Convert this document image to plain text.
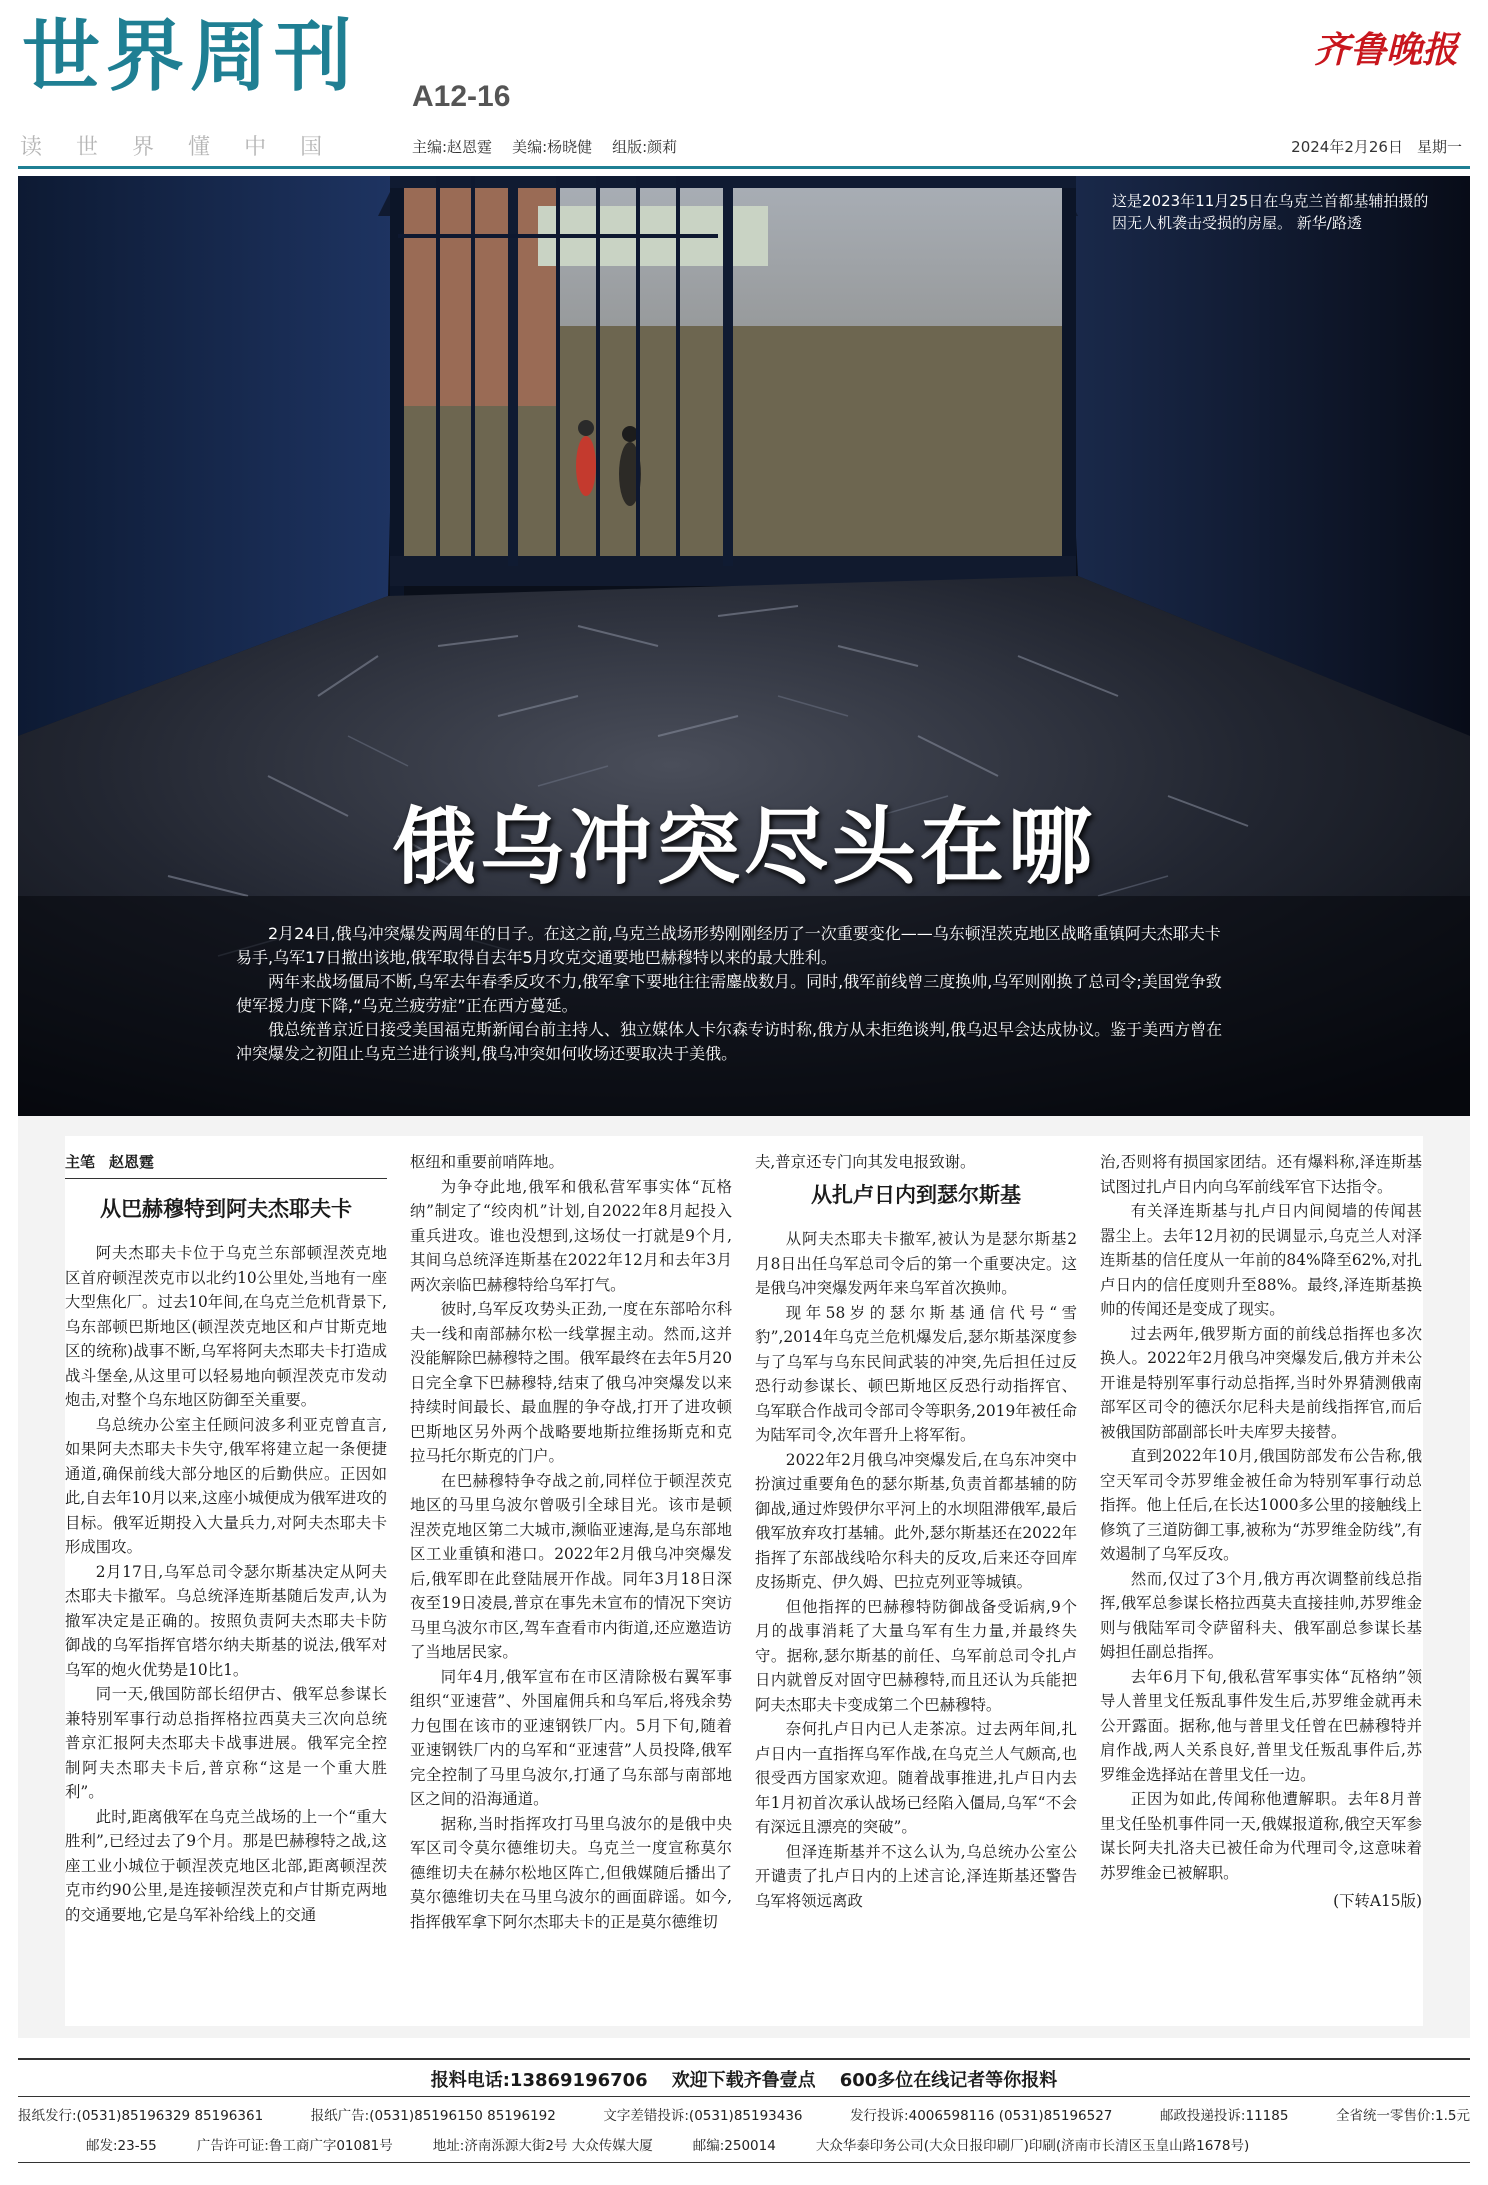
世界周刊
读 世 界 懂 中 国
A12-16
主编:赵恩霆 美编:杨晓健 组版:颜莉
齐鲁晚报
2024年2月26日 星期一
这是2023年11月25日在乌克兰首都基辅拍摄的因无人机袭击受损的房屋。 新华/路透
俄乌冲突尽头在哪

2月24日,俄乌冲突爆发两周年的日子。在这之前,乌克兰战场形势刚刚经历了一次重要变化——乌东顿涅茨克地区战略重镇阿夫杰耶夫卡易手,乌军17日撤出该地,俄军取得自去年5月攻克交通要地巴赫穆特以来的最大胜利。

两年来战场僵局不断,乌军去年春季反攻不力,俄军拿下要地往往需鏖战数月。同时,俄军前线曾三度换帅,乌军则刚换了总司令;美国党争致使军援力度下降,“乌克兰疲劳症”正在西方蔓延。

俄总统普京近日接受美国福克斯新闻台前主持人、独立媒体人卡尔森专访时称,俄方从未拒绝谈判,俄乌迟早会达成协议。鉴于美西方曾在冲突爆发之初阻止乌克兰进行谈判,俄乌冲突如何收场还要取决于美俄。

主笔 赵恩霆
从巴赫穆特到阿夫杰耶夫卡

阿夫杰耶夫卡位于乌克兰东部顿涅茨克地区首府顿涅茨克市以北约10公里处,当地有一座大型焦化厂。过去10年间,在乌克兰危机背景下,乌东部顿巴斯地区(顿涅茨克地区和卢甘斯克地区的统称)战事不断,乌军将阿夫杰耶夫卡打造成战斗堡垒,从这里可以轻易地向顿涅茨克市发动炮击,对整个乌东地区防御至关重要。

乌总统办公室主任顾问波多利亚克曾直言,如果阿夫杰耶夫卡失守,俄军将建立起一条便捷通道,确保前线大部分地区的后勤供应。正因如此,自去年10月以来,这座小城便成为俄军进攻的目标。俄军近期投入大量兵力,对阿夫杰耶夫卡形成围攻。

2月17日,乌军总司令瑟尔斯基决定从阿夫杰耶夫卡撤军。乌总统泽连斯基随后发声,认为撤军决定是正确的。按照负责阿夫杰耶夫卡防御战的乌军指挥官塔尔纳夫斯基的说法,俄军对乌军的炮火优势是10比1。

同一天,俄国防部长绍伊古、俄军总参谋长兼特别军事行动总指挥格拉西莫夫三次向总统普京汇报阿夫杰耶夫卡战事进展。俄军完全控制阿夫杰耶夫卡后,普京称“这是一个重大胜利”。

此时,距离俄军在乌克兰战场的上一个“重大胜利”,已经过去了9个月。那是巴赫穆特之战,这座工业小城位于顿涅茨克地区北部,距离顿涅茨克市约90公里,是连接顿涅茨克和卢甘斯克两地的交通要地,它是乌军补给线上的交通

枢纽和重要前哨阵地。

为争夺此地,俄军和俄私营军事实体“瓦格纳”制定了“绞肉机”计划,自2022年8月起投入重兵进攻。谁也没想到,这场仗一打就是9个月,其间乌总统泽连斯基在2022年12月和去年3月两次亲临巴赫穆特给乌军打气。

彼时,乌军反攻势头正劲,一度在东部哈尔科夫一线和南部赫尔松一线掌握主动。然而,这并没能解除巴赫穆特之围。俄军最终在去年5月20日完全拿下巴赫穆特,结束了俄乌冲突爆发以来持续时间最长、最血腥的争夺战,打开了进攻顿巴斯地区另外两个战略要地斯拉维扬斯克和克拉马托尔斯克的门户。

在巴赫穆特争夺战之前,同样位于顿涅茨克地区的马里乌波尔曾吸引全球目光。该市是顿涅茨克地区第二大城市,濒临亚速海,是乌东部地区工业重镇和港口。2022年2月俄乌冲突爆发后,俄军即在此登陆展开作战。同年3月18日深夜至19日凌晨,普京在事先未宣布的情况下突访马里乌波尔市区,驾车查看市内街道,还应邀造访了当地居民家。

同年4月,俄军宣布在市区清除极右翼军事组织“亚速营”、外国雇佣兵和乌军后,将残余势力包围在该市的亚速钢铁厂内。5月下旬,随着亚速钢铁厂内的乌军和“亚速营”人员投降,俄军完全控制了马里乌波尔,打通了乌东部与南部地区之间的沿海通道。

据称,当时指挥攻打马里乌波尔的是俄中央军区司令莫尔德维切夫。乌克兰一度宣称莫尔德维切夫在赫尔松地区阵亡,但俄媒随后播出了莫尔德维切夫在马里乌波尔的画面辟谣。如今,指挥俄军拿下阿尔杰耶夫卡的正是莫尔德维切

夫,普京还专门向其发电报致谢。

从扎卢日内到瑟尔斯基

从阿夫杰耶夫卡撤军,被认为是瑟尔斯基2月8日出任乌军总司令后的第一个重要决定。这是俄乌冲突爆发两年来乌军首次换帅。

现年58岁的瑟尔斯基通信代号“雪豹”,2014年乌克兰危机爆发后,瑟尔斯基深度参与了乌军与乌东民间武装的冲突,先后担任过反恐行动参谋长、顿巴斯地区反恐行动指挥官、乌军联合作战司令部司令等职务,2019年被任命为陆军司令,次年晋升上将军衔。

2022年2月俄乌冲突爆发后,在乌东冲突中扮演过重要角色的瑟尔斯基,负责首都基辅的防御战,通过炸毁伊尔平河上的水坝阻滞俄军,最后俄军放弃攻打基辅。此外,瑟尔斯基还在2022年指挥了东部战线哈尔科夫的反攻,后来还夺回库皮扬斯克、伊久姆、巴拉克列亚等城镇。

但他指挥的巴赫穆特防御战备受诟病,9个月的战事消耗了大量乌军有生力量,并最终失守。据称,瑟尔斯基的前任、乌军前总司令扎卢日内就曾反对固守巴赫穆特,而且还认为兵能把阿夫杰耶夫卡变成第二个巴赫穆特。

奈何扎卢日内已人走茶凉。过去两年间,扎卢日内一直指挥乌军作战,在乌克兰人气颇高,也很受西方国家欢迎。随着战事推进,扎卢日内去年1月初首次承认战场已经陷入僵局,乌军“不会有深远且漂亮的突破”。

但泽连斯基并不这么认为,乌总统办公室公开谴责了扎卢日内的上述言论,泽连斯基还警告乌军将领远离政

治,否则将有损国家团结。还有爆料称,泽连斯基试图过扎卢日内向乌军前线军官下达指令。

有关泽连斯基与扎卢日内间阋墙的传闻甚嚣尘上。去年12月初的民调显示,乌克兰人对泽连斯基的信任度从一年前的84%降至62%,对扎卢日内的信任度则升至88%。最终,泽连斯基换帅的传闻还是变成了现实。

过去两年,俄罗斯方面的前线总指挥也多次换人。2022年2月俄乌冲突爆发后,俄方并未公开谁是特别军事行动总指挥,当时外界猜测俄南部军区司令的德沃尔尼科夫是前线指挥官,而后被俄国防部副部长叶夫库罗夫接替。

直到2022年10月,俄国防部发布公告称,俄空天军司令苏罗维金被任命为特别军事行动总指挥。他上任后,在长达1000多公里的接触线上修筑了三道防御工事,被称为“苏罗维金防线”,有效遏制了乌军反攻。

然而,仅过了3个月,俄方再次调整前线总指挥,俄军总参谋长格拉西莫夫直接挂帅,苏罗维金则与俄陆军司令萨留科夫、俄军副总参谋长基姆担任副总指挥。

去年6月下旬,俄私营军事实体“瓦格纳”领导人普里戈任叛乱事件发生后,苏罗维金就再未公开露面。据称,他与普里戈任曾在巴赫穆特并肩作战,两人关系良好,普里戈任叛乱事件后,苏罗维金选择站在普里戈任一边。

正因为如此,传闻称他遭解职。去年8月普里戈任坠机事件同一天,俄媒报道称,俄空天军参谋长阿夫扎洛夫已被任命为代理司令,这意味着苏罗维金已被解职。

(下转A15版)
报料电话:13869196706 欢迎下载齐鲁壹点 600多位在线记者等你报料
报纸发行:(0531)85196329 85196361	报纸广告:(0531)85196150 85196192	文字差错投诉:(0531)85193436	发行投诉:4006598116 (0531)85196527	邮政投递投诉:11185	全省统一零售价:1.5元
邮发:23-55	广告许可证:鲁工商广字01081号	地址:济南泺源大街2号 大众传媒大厦	邮编:250014	大众华泰印务公司(大众日报印刷厂)印刷(济南市长清区玉皇山路1678号)
